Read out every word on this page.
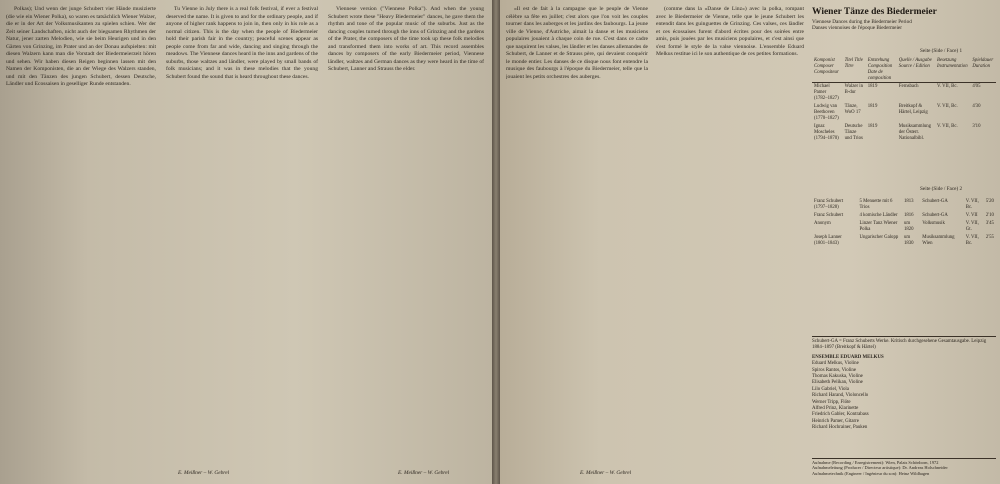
Polkas); Und wenn der junge Schubert vier Hände musizierte (die wie ein Wiener Polka), so waren es tatsächlich Wiener Walzer, die er in der Art der Volksmusikanten zu spielen schien. Wer der Zeit seiner Landschaften, nicht auch der biegsamen Rhythmen der Natur, jener zarten Melodien, wie sie beim Heurigen und in den Gärten von Grinzing, im Prater und an der Donau aufspielten: mit diesen Walzern kann man die Vorstadt der Biedermeierzeit hören und sehen. Wir haben diesen Reigen beginnen lassen mit den Namen der Komponisten, die an der Wiege des Walzers standen, und mit den Tänzen des jungen Schubert, dessen Deutsche, Ländler und Ecossaisen in geselliger Runde entstanden.

Tu Vienne in July there is a real folk festival, if ever a festival deserved the name. It is given to and for the ordinary people, and if anyone of higher rank happens to join in, then only in his role as a normal citizen. This is the day when the people of Biedermeier hold their parish fair in the country; peaceful scenes appear as people come from far and wide, dancing and singing through the meadows. The Viennese dances heard in the inns and gardens of the suburbs, those waltzes and ländler, were played by small bands of folk musicians; and it was in these melodies that the young Schubert found the sound that is heard throughout these dances.

Viennese version ("Viennese Polka"). And when the young Schubert wrote these "Heavy Biedermeier" dances, he gave them the rhythm and tone of the popular music of the suburbs. Just as the dancing couples turned through the inns of Grinzing and the gardens of the Prater, the composers of the time took up these folk melodies and transformed them into works of art. This record assembles dances by composers of the early Biedermeier period, Viennese ländler, waltzes and German dances as they were heard in the time of Schubert, Lanner and Strauss the elder.

E. Meißner – W. Gebrel	E. Meißner – W. Gebrel

«Il est de fait à la campagne que le peuple de Vienne célèbre sa fête en juillet; c'est alors que l'on voit les couples tourner dans les auberges et les jardins des faubourgs. La jeune ville de Vienne, d'Autriche, aimait la danse et les musiciens populaires jouaient à chaque coin de rue. C'est dans ce cadre que naquirent les valses, les ländler et les danses allemandes de Schubert, de Lanner et de Strauss père, qui devaient conquérir le monde entier. Les danses de ce disque nous font entendre la musique des faubourgs à l'époque du Biedermeier, telle que la jouaient les petits orchestres des auberges.

(comme dans la «Danse de Linz») avec la polka, rompant avec le Biedermeier de Vienne, telle que le jeune Schubert les entendit dans les guinguettes de Grinzing. Ces valses, ces ländler et ces écossaises furent d'abord écrites pour des soirées entre amis, puis jouées par les musiciens populaires, et c'est ainsi que s'est formé le style de la valse viennoise. L'ensemble Eduard Melkus restitue ici le son authentique de ces petites formations.

E. Meißner – W. Gebrel
Wiener Tänze des Biedermeier
Viennese Dances during the Biedermeier Period
Danses viennoises de l'époque Biedermeier
Seite (Side / Face) 1
Komponist Composer Compositeur	Titel Title Titre	Entstehung Composition Date de composition	Quelle / Ausgabe Source / Edition	Besetzung Instrumentation	Spieldauer Duration
Michael Pamer (1782–1827)	Walzer in B-dur	1819	Fernsbach	V. VII, Bc.	4'05
Ludwig van Beethoven (1770–1827)	Tänze, WoO 17	1819	Breitkopf & Härtel, Leipzig	V. VII, Bc.	4'30
Ignaz Moscheles (1794–1870)	Deutsche Tänze und Trios	1819	Musiksammlung der Österr. Nationalbibl.	V. VII, Bc.	3'10
Seite (Side / Face) 2
Franz Schubert (1797–1828)	5 Menuette mit 6 Trios	1813	Schubert-GA	V. VII, Bc.	5'20
Franz Schubert	4 komische Ländler	1816	Schubert-GA	V. VII	2'10
Anonym	Linzer Tanz Wiener Polka	um 1820	Volksmusik	V. VII, Gt.	3'45
Joseph Lanner (1801–1843)	Ungarischer Galopp	um 1830	Musiksammlung Wien	V. VII, Bc.	2'55
Schubert-GA = Franz Schuberts Werke. Kritisch durchgesehene Gesamtausgabe. Leipzig 1884–1897 (Breitkopf & Härtel)
ENSEMBLE EDUARD MELKUS
Eduard Melkus, Violine
Spiros Rantos, Violine
Thomas Kakuska, Violine
Elisabeth Pelikan, Violine
Lilo Gabriel, Viola
Richard Harand, Violoncello
Werner Tripp, Flöte
Alfred Prinz, Klarinette
Friedrich Gabler, Kontrabass
Heinrich Pamer, Gitarre
Richard Hochrainer, Pauken
Aufnahme (Recording / Enregistrement): Wien, Palais Schönborn, 1972
Aufnahmeleitung (Producer / Directeur artistique): Dr. Andreas Holschneider
Aufnahmetechnik (Engineer / Ingénieur du son): Heinz Wildhagen
